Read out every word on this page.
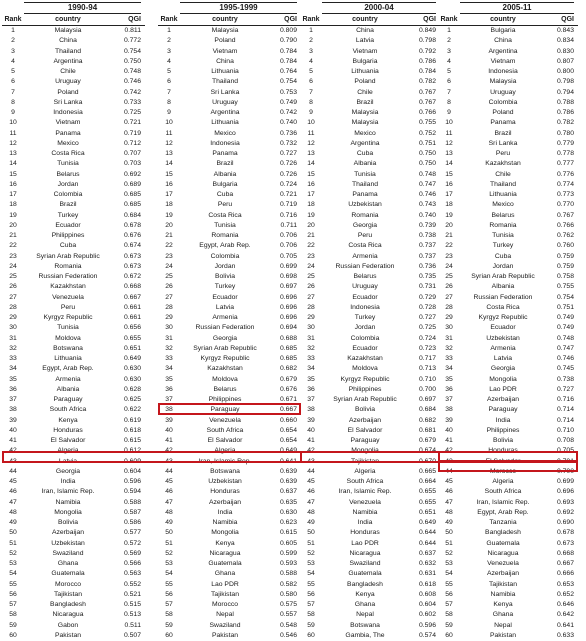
1990-94
Rank	country	QGI
1	Malaysia	0.811
2	China	0.772
3	Thailand	0.754
4	Argentina	0.750
5	Chile	0.748
6	Uruguay	0.746
7	Poland	0.742
8	Sri Lanka	0.733
9	Indonesia	0.725
10	Vietnam	0.721
11	Panama	0.719
12	Mexico	0.712
13	Costa Rica	0.707
14	Tunisia	0.703
15	Belarus	0.692
16	Jordan	0.689
17	Colombia	0.685
18	Brazil	0.685
19	Turkey	0.684
20	Ecuador	0.678
21	Philippines	0.676
22	Cuba	0.674
23	Syrian Arab Republic	0.673
24	Romania	0.673
25	Russian Federation	0.672
26	Kazakhstan	0.668
27	Venezuela	0.667
28	Peru	0.661
29	Kyrgyz Republic	0.661
30	Tunisia	0.656
31	Moldova	0.655
32	Botswana	0.651
33	Lithuania	0.649
34	Egypt, Arab Rep.	0.630
35	Armenia	0.630
36	Albania	0.628
37	Paraguay	0.625
38	South Africa	0.622
39	Kenya	0.619
40	Honduras	0.618
41	El Salvador	0.615
42	Algeria	0.612
43	Latvia	0.609
44	Georgia	0.604
45	India	0.596
46	Iran, Islamic Rep.	0.594
47	Namibia	0.588
48	Mongolia	0.587
49	Bolivia	0.586
50	Azerbaijan	0.577
51	Uzbekistan	0.572
52	Swaziland	0.569
53	Ghana	0.566
54	Guatemala	0.563
55	Morocco	0.552
56	Tajikistan	0.521
57	Bangladesh	0.515
58	Nicaragua	0.513
59	Gabon	0.511
60	Pakistan	0.507
1995-1999
Rank	country	QGI
1	Malaysia	0.809
2	Poland	0.790
3	Vietnam	0.784
4	China	0.784
5	Lithuania	0.764
6	Thailand	0.754
7	Sri Lanka	0.753
8	Uruguay	0.749
9	Argentina	0.742
10	Lithuania	0.740
11	Mexico	0.736
12	Indonesia	0.732
13	Panama	0.727
14	Brazil	0.726
15	Albania	0.726
16	Bulgaria	0.724
17	Cuba	0.721
18	Peru	0.719
19	Costa Rica	0.716
20	Tunisia	0.711
21	Romania	0.706
22	Egypt, Arab Rep.	0.706
23	Colombia	0.705
24	Jordan	0.699
25	Bolivia	0.698
26	Turkey	0.697
27	Ecuador	0.696
28	Latvia	0.696
29	Armenia	0.696
30	Russian Federation	0.694
31	Georgia	0.688
32	Syrian Arab Republic	0.685
33	Kyrgyz Republic	0.685
34	Kazakhstan	0.682
35	Moldova	0.679
36	Belarus	0.676
37	Philippines	0.671
38	Paraguay	0.667
39	Venezuela	0.660
40	South Africa	0.654
41	El Salvador	0.654
42	Algeria	0.649
43	Iran, Islamic Rep.	0.641
44	Botswana	0.639
45	Uzbekistan	0.639
46	Honduras	0.637
47	Azerbaijan	0.635
48	India	0.630
49	Namibia	0.623
50	Mongolia	0.615
51	Kenya	0.605
52	Nicaragua	0.599
53	Guatemala	0.593
54	Ghana	0.588
55	Lao PDR	0.582
56	Tajikistan	0.580
57	Morocco	0.575
58	Nepal	0.557
59	Swaziland	0.548
60	Pakistan	0.546
2000-04
Rank	country	QGI
1	China	0.849
2	Latvia	0.798
3	Vietnam	0.792
4	Bulgaria	0.786
5	Lithuania	0.784
6	Poland	0.782
7	Chile	0.767
8	Brazil	0.767
9	Malaysia	0.766
10	Malaysia	0.755
11	Mexico	0.752
12	Argentina	0.751
13	Cuba	0.750
14	Albania	0.750
15	Tunisia	0.748
16	Thailand	0.747
17	Panama	0.746
18	Uzbekistan	0.743
19	Romania	0.740
20	Georgia	0.739
21	Peru	0.738
22	Costa Rica	0.737
23	Armenia	0.737
24	Russian Federation	0.736
25	Belarus	0.735
26	Uruguay	0.731
27	Ecuador	0.729
28	Indonesia	0.728
29	Turkey	0.727
30	Jordan	0.725
31	Colombia	0.724
32	Ecuador	0.723
33	Kazakhstan	0.717
34	Moldova	0.713
35	Kyrgyz Republic	0.710
36	Philippines	0.700
37	Syrian Arab Republic	0.697
38	Bolivia	0.684
39	Azerbaijan	0.682
40	El Salvador	0.681
41	Paraguay	0.679
42	Mongolia	0.674
43	Tajikistan	0.670
44	Algeria	0.665
45	South Africa	0.664
46	Iran, Islamic Rep.	0.655
47	Venezuela	0.655
48	Namibia	0.651
49	India	0.649
50	Honduras	0.644
51	Lao PDR	0.644
52	Nicaragua	0.637
53	Swaziland	0.632
54	Guatemala	0.631
55	Bangladesh	0.618
56	Kenya	0.608
57	Ghana	0.604
58	Nepal	0.602
59	Botswana	0.596
60	Gambia, The	0.574
2005-11
Rank	country	QGI
1	Bulgaria	0.843
2	China	0.834
3	Argentina	0.830
4	Vietnam	0.807
5	Indonesia	0.800
6	Malaysia	0.798
7	Uruguay	0.794
8	Colombia	0.788
9	Poland	0.786
10	Panama	0.782
11	Brazil	0.780
12	Sri Lanka	0.779
13	Peru	0.778
14	Kazakhstan	0.777
15	Chile	0.776
16	Thailand	0.774
17	Lithuania	0.773
18	Mexico	0.770
19	Belarus	0.767
20	Romania	0.766
21	Tunisia	0.762
22	Turkey	0.760
23	Cuba	0.759
24	Jordan	0.759
25	Syrian Arab Republic	0.758
26	Albania	0.755
27	Russian Federation	0.754
28	Costa Rica	0.751
29	Kyrgyz Republic	0.749
30	Ecuador	0.749
31	Uzbekistan	0.748
32	Armenia	0.747
33	Latvia	0.746
34	Georgia	0.745
35	Mongolia	0.738
36	Lao PDR	0.727
37	Azerbaijan	0.716
38	Paraguay	0.714
39	India	0.714
40	Philippines	0.710
41	Bolivia	0.708
42	Honduras	0.705
43	El Salvador	0.701
44	Morocco	0.700
45	Algeria	0.699
46	South Africa	0.696
47	Iran, Islamic Rep.	0.693
48	Egypt, Arab Rep.	0.692
49	Tanzania	0.690
50	Bangladesh	0.678
51	Guatemala	0.673
52	Nicaragua	0.668
53	Venezuela	0.667
54	Azerbaijan	0.666
55	Tajikistan	0.653
56	Namibia	0.652
57	Kenya	0.646
58	Ghana	0.642
59	Nepal	0.641
60	Pakistan	0.633
